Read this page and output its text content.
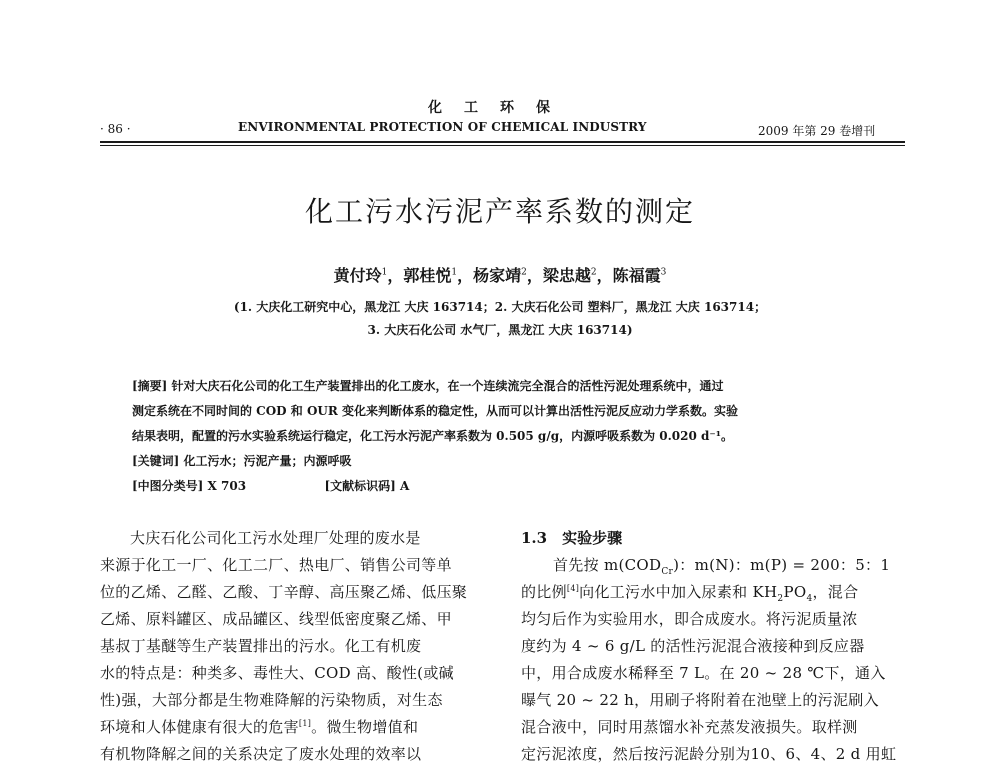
化工环保
· 86 ·	ENVIRONMENTAL PROTECTION OF CHEMICAL INDUSTRY	2009 年第 29 卷增刊
化工污水污泥产率系数的测定
黄付玲$^1$，郭桂悦$^1$，杨家靖$^2$，梁忠越$^2$，陈福霞$^3$
(1. 大庆化工研究中心，黑龙江 大庆 163714；2. 大庆石化公司 塑料厂，黑龙江 大庆 163714；
3. 大庆石化公司 水气厂，黑龙江 大庆 163714)
[摘要] 针对大庆石化公司的化工生产装置排出的化工废水，在一个连续流完全混合的活性污泥处理系统中，通过
测定系统在不同时间的 COD 和 OUR 变化来判断体系的稳定性，从而可以计算出活性污泥反应动力学系数。实验
结果表明，配置的污水实验系统运行稳定，化工污水污泥产率系数为 0.505 g/g，内源呼吸系数为 0.020 d⁻¹。
[关键词] 化工污水；污泥产量；内源呼吸
[中图分类号] X 703	[文献标识码] A
大庆石化公司化工污水处理厂处理的废水是
来源于化工一厂、化工二厂、热电厂、销售公司等单
位的乙烯、乙醛、乙酸、丁辛醇、高压聚乙烯、低压聚
乙烯、原料罐区、成品罐区、线型低密度聚乙烯、甲
基叔丁基醚等生产装置排出的污水。化工有机废
水的特点是：种类多、毒性大、COD 高、酸性(或碱
性)强，大部分都是生物难降解的污染物质，对生态
环境和人体健康有很大的危害[1]。微生物增值和
有机物降解之间的关系决定了废水处理的效率以
1.3　实验步骤
首先按 $m(COD_{Cr})$：m(N)：m(P) = 200：5：1
的比例[4]向化工污水中加入尿素和 $KH_2PO_4$，混合
均匀后作为实验用水，即合成废水。将污泥质量浓
度约为 4 ~ 6 g/L 的活性污泥混合液接种到反应器
中，用合成废水稀释至 7 L。在 20 ~ 28 ℃下，通入
曝气 20 ~ 22 h，用刷子将附着在池壁上的污泥刷入
混合液中，同时用蒸馏水补充蒸发液损失。取样测
定污泥浓度，然后按污泥龄分别为10、6、4、2 d 用虹
